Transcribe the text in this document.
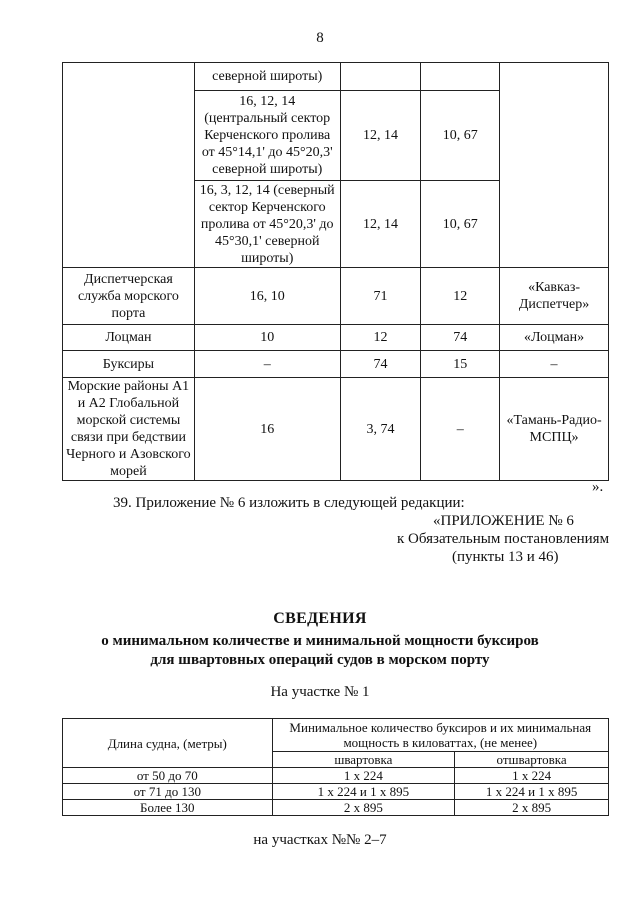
8
	северной широты)			
	16, 12, 14 (центральный сектор Керченского пролива от 45°14,1' до 45°20,3' северной широты)	12, 14	10, 67	
	16, 3, 12, 14 (северный сектор Керченского пролива от 45°20,3' до 45°30,1' северной широты)	12, 14	10, 67	
Диспетчерская служба морского порта	16, 10	71	12	«Кавказ-Диспетчер»
Лоцман	10	12	74	«Лоцман»
Буксиры	–	74	15	–
Морские районы А1 и А2 Глобальной морской системы связи при бедствии Черного и Азовского морей	16	3, 74	–	«Тамань-Радио-МСПЦ»
».
39. Приложение № 6 изложить в следующей редакции:
«ПРИЛОЖЕНИЕ № 6
к Обязательным постановлениям
(пункты 13 и 46)
СВЕДЕНИЯ
о минимальном количестве и минимальной мощности буксиров
для швартовных операций судов в морском порту
На участке № 1
Длина судна, (метры)	Минимальное количество буксиров и их минимальная мощность в киловаттах, (не менее)	
	швартовка	отшвартовка
от 50 до 70	1 x 224	1 x 224
от 71 до 130	1 x 224 и 1 x 895	1 x 224 и 1 x 895
Более 130	2 x 895	2 x 895
на участках №№ 2–7
